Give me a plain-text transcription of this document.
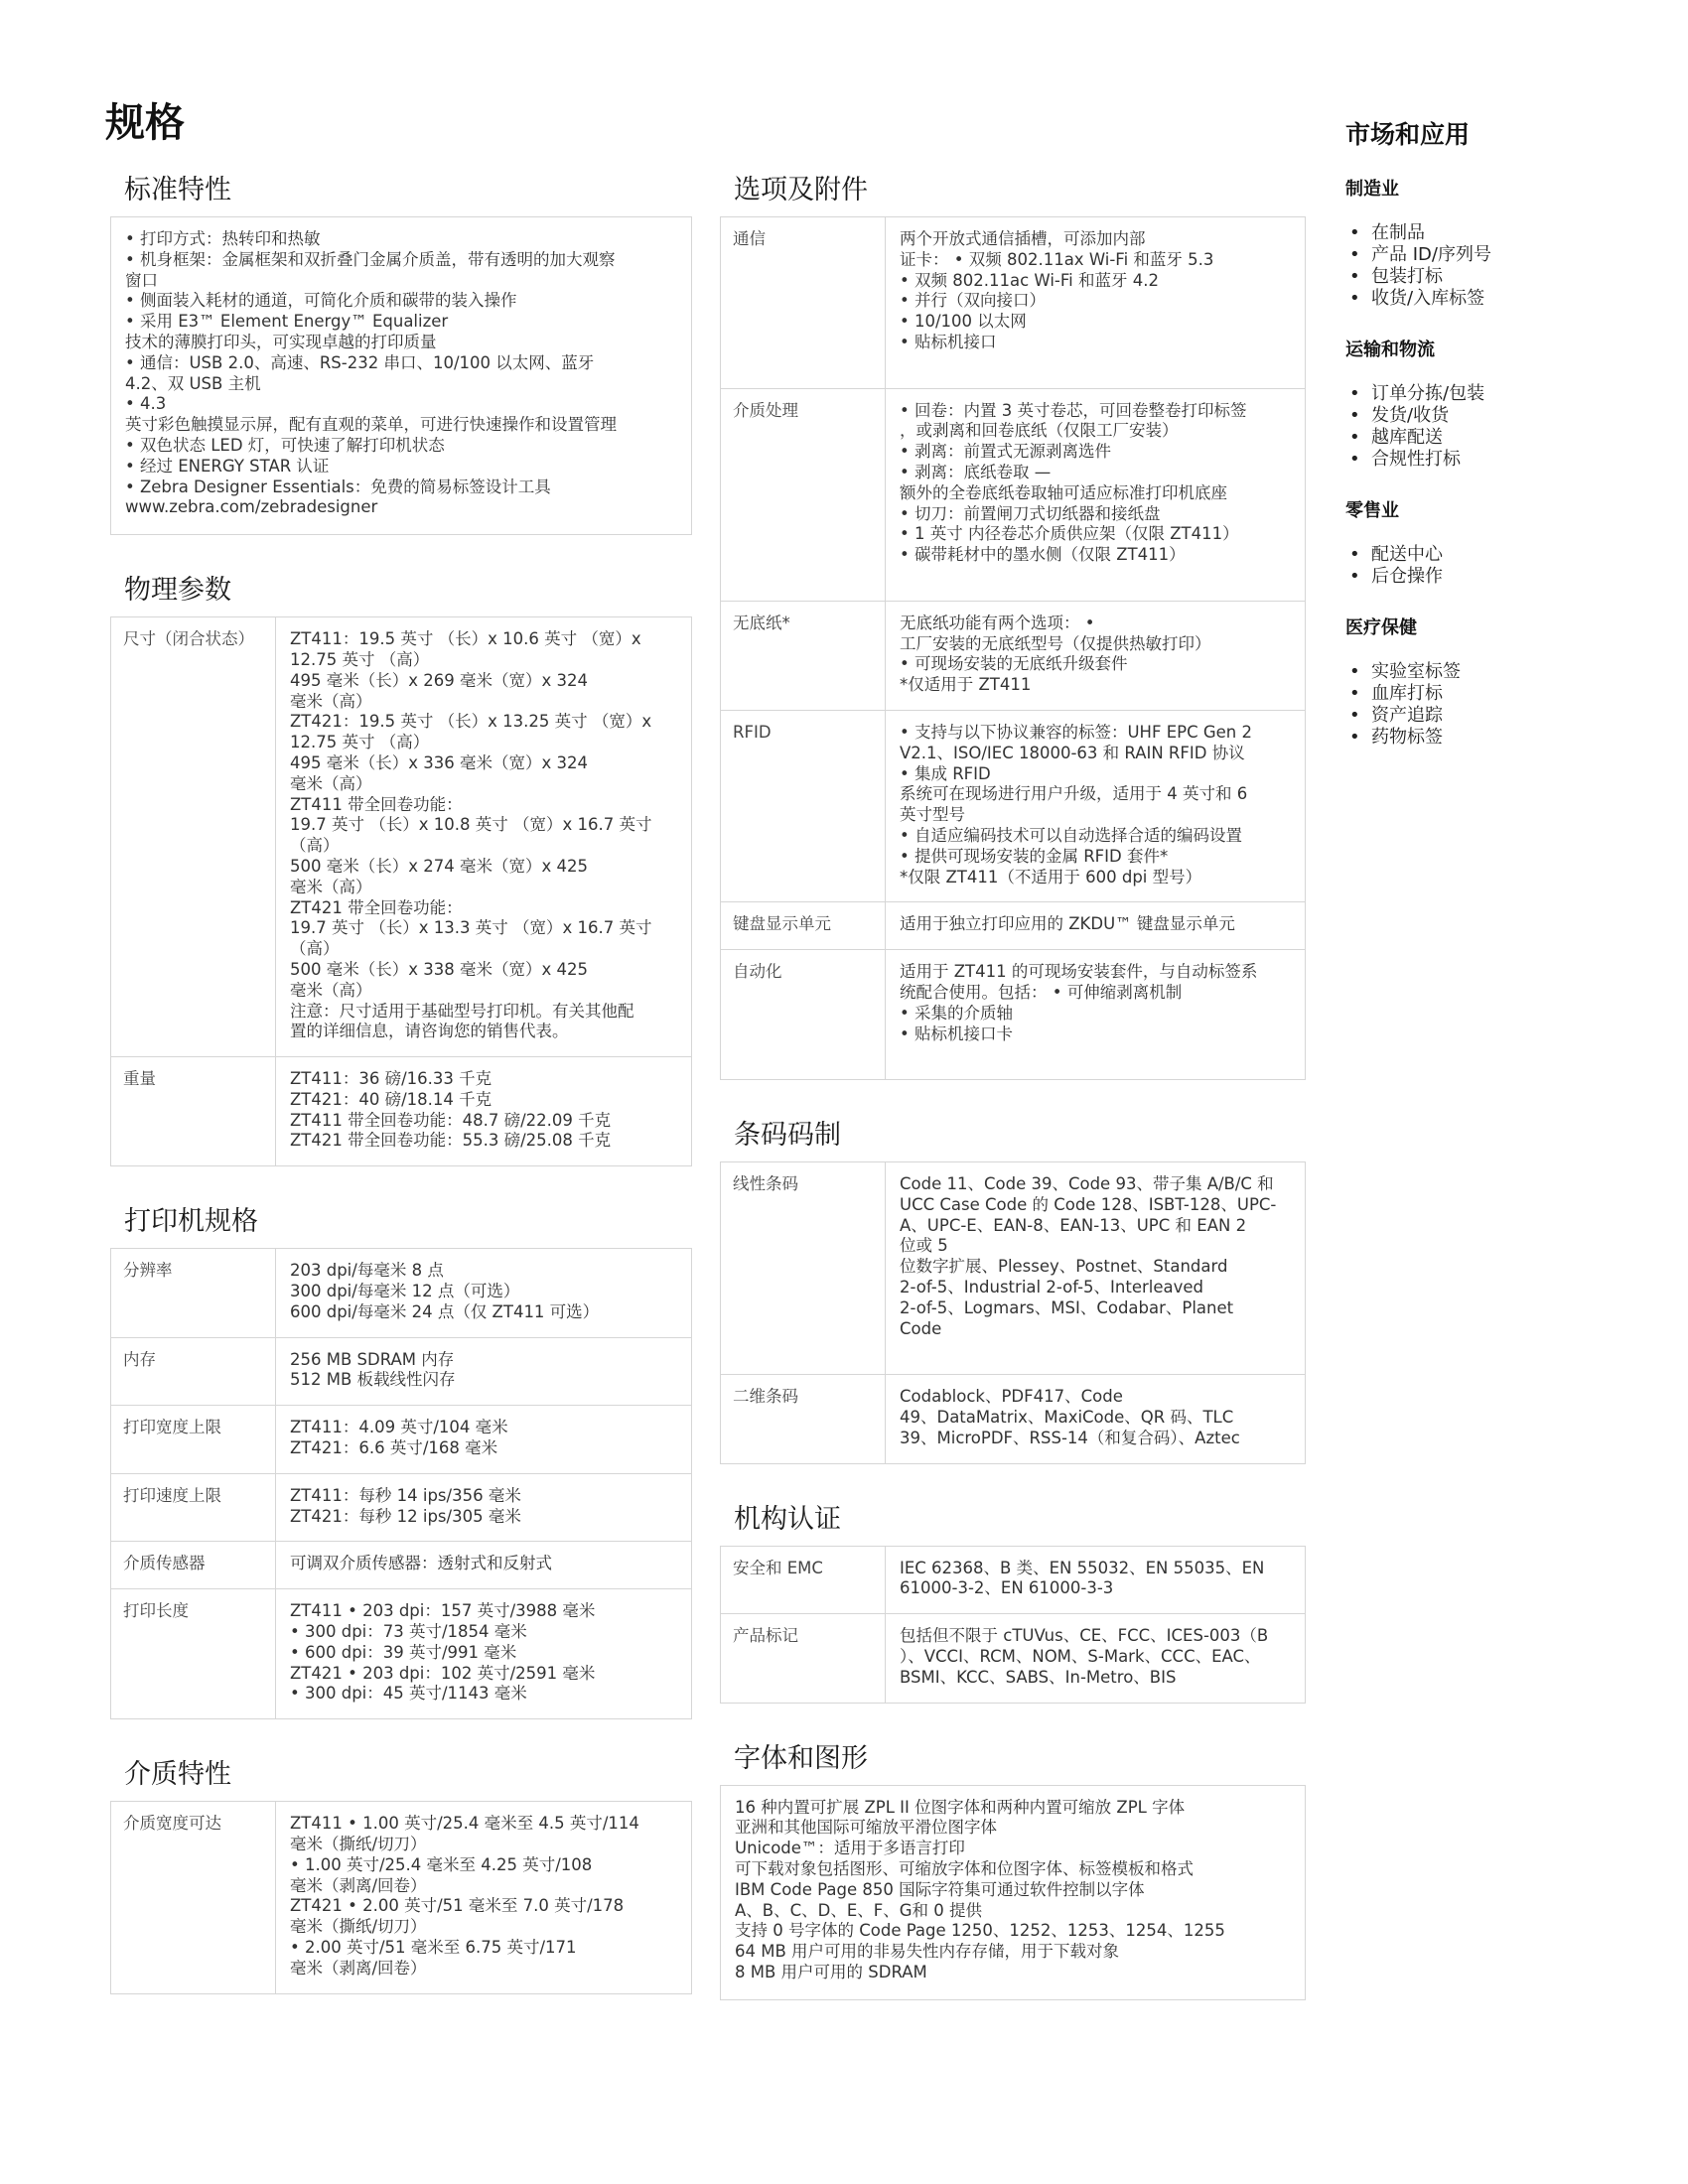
规格
标准特性
• 打印方式：热转印和热敏
• 机身框架：金属框架和双折叠门金属介质盖，带有透明的加大观察
窗口
• 侧面装入耗材的通道，可简化介质和碳带的装入操作
• 采用 E3™ Element Energy™ Equalizer
技术的薄膜打印头，可实现卓越的打印质量
• 通信：USB 2.0、高速、RS-232 串口、10/100 以太网、蓝牙
4.2、双 USB 主机
• 4.3
英寸彩色触摸显示屏，配有直观的菜单，可进行快速操作和设置管理
• 双色状态 LED 灯，可快速了解打印机状态
• 经过 ENERGY STAR 认证
• Zebra Designer Essentials：免费的简易标签设计工具
www.zebra.com/zebradesigner
物理参数
尺寸（闭合状态）	ZT411：19.5 英寸 （长）x 10.6 英寸 （宽）x
12.75 英寸 （高）
495 毫米（长）x 269 毫米（宽）x 324
毫米（高）
ZT421：19.5 英寸 （长）x 13.25 英寸 （宽）x
12.75 英寸 （高）
495 毫米（长）x 336 毫米（宽）x 324
毫米（高）
ZT411 带全回卷功能：
19.7 英寸 （长）x 10.8 英寸 （宽）x 16.7 英寸
（高）
500 毫米（长）x 274 毫米（宽）x 425
毫米（高）
ZT421 带全回卷功能：
19.7 英寸 （长）x 13.3 英寸 （宽）x 16.7 英寸
（高）
500 毫米（长）x 338 毫米（宽）x 425
毫米（高）
注意：尺寸适用于基础型号打印机。有关其他配
置的详细信息，请咨询您的销售代表。
重量	ZT411：36 磅/16.33 千克
ZT421：40 磅/18.14 千克
ZT411 带全回卷功能：48.7 磅/22.09 千克
ZT421 带全回卷功能：55.3 磅/25.08 千克
打印机规格
分辨率	203 dpi/每毫米 8 点
300 dpi/每毫米 12 点（可选）
600 dpi/每毫米 24 点（仅 ZT411 可选）
内存	256 MB SDRAM 内存
512 MB 板载线性闪存
打印宽度上限	ZT411：4.09 英寸/104 毫米
ZT421：6.6 英寸/168 毫米
打印速度上限	ZT411：每秒 14 ips/356 毫米
ZT421：每秒 12 ips/305 毫米
介质传感器	可调双介质传感器：透射式和反射式
打印长度	ZT411 • 203 dpi：157 英寸/3988 毫米
• 300 dpi：73 英寸/1854 毫米
• 600 dpi：39 英寸/991 毫米
ZT421 • 203 dpi：102 英寸/2591 毫米
• 300 dpi：45 英寸/1143 毫米
介质特性
介质宽度可达	ZT411 • 1.00 英寸/25.4 毫米至 4.5 英寸/114
毫米（撕纸/切刀）
• 1.00 英寸/25.4 毫米至 4.25 英寸/108
毫米（剥离/回卷）
ZT421 • 2.00 英寸/51 毫米至 7.0 英寸/178
毫米（撕纸/切刀）
• 2.00 英寸/51 毫米至 6.75 英寸/171
毫米（剥离/回卷）
选项及附件
通信	两个开放式通信插槽，可添加内部
证卡： • 双频 802.11ax Wi-Fi 和蓝牙 5.3
• 双频 802.11ac Wi-Fi 和蓝牙 4.2
• 并行（双向接口）
• 10/100 以太网
• 贴标机接口

介质处理	• 回卷：内置 3 英寸卷芯，可回卷整卷打印标签
，或剥离和回卷底纸（仅限工厂安装）
• 剥离：前置式无源剥离选件
• 剥离：底纸卷取 —
额外的全卷底纸卷取轴可适应标准打印机底座
• 切刀：前置闸刀式切纸器和接纸盘
• 1 英寸 内径卷芯介质供应架（仅限 ZT411）
• 碳带耗材中的墨水侧（仅限 ZT411）

无底纸*	无底纸功能有两个选项： •
工厂安装的无底纸型号（仅提供热敏打印）
• 可现场安装的无底纸升级套件
*仅适用于 ZT411
RFID	• 支持与以下协议兼容的标签：UHF EPC Gen 2
V2.1、ISO/IEC 18000-63 和 RAIN RFID 协议
• 集成 RFID
系统可在现场进行用户升级，适用于 4 英寸和 6
英寸型号
• 自适应编码技术可以自动选择合适的编码设置
• 提供可现场安装的金属 RFID 套件*
*仅限 ZT411（不适用于 600 dpi 型号）
键盘显示单元	适用于独立打印应用的 ZKDU™ 键盘显示单元
自动化	适用于 ZT411 的可现场安装套件，与自动标签系
统配合使用。包括： • 可伸缩剥离机制
• 采集的介质轴
• 贴标机接口卡

条码码制
线性条码	Code 11、Code 39、Code 93、带子集 A/B/C 和
UCC Case Code 的 Code 128、ISBT-128、UPC-
A、UPC-E、EAN-8、EAN-13、UPC 和 EAN 2
位或 5
位数字扩展、Plessey、Postnet、Standard
2-of-5、Industrial 2-of-5、Interleaved
2-of-5、Logmars、MSI、Codabar、Planet
Code

二维条码	Codablock、PDF417、Code
49、DataMatrix、MaxiCode、QR 码、TLC
39、MicroPDF、RSS-14（和复合码）、Aztec
机构认证
安全和 EMC	IEC 62368、B 类、EN 55032、EN 55035、EN
61000-3-2、EN 61000-3-3
产品标记	包括但不限于 cTUVus、CE、FCC、ICES-003（B
）、VCCI、RCM、NOM、S-Mark、CCC、EAC、
BSMI、KCC、SABS、In-Metro、BIS
字体和图形
16 种内置可扩展 ZPL II 位图字体和两种内置可缩放 ZPL 字体
亚洲和其他国际可缩放平滑位图字体
Unicode™：适用于多语言打印
可下载对象包括图形、可缩放字体和位图字体、标签模板和格式
IBM Code Page 850 国际字符集可通过软件控制以字体
A、B、C、D、E、F、G和 0 提供
支持 0 号字体的 Code Page 1250、1252、1253、1254、1255
64 MB 用户可用的非易失性内存存储，用于下载对象
8 MB 用户可用的 SDRAM
市场和应用
制造业
• 在制品
• 产品 ID/序列号
• 包装打标
• 收货/入库标签
运输和物流
• 订单分拣/包装
• 发货/收货
• 越库配送
• 合规性打标
零售业
• 配送中心
• 后仓操作
医疗保健
• 实验室标签
• 血库打标
• 资产追踪
• 药物标签
